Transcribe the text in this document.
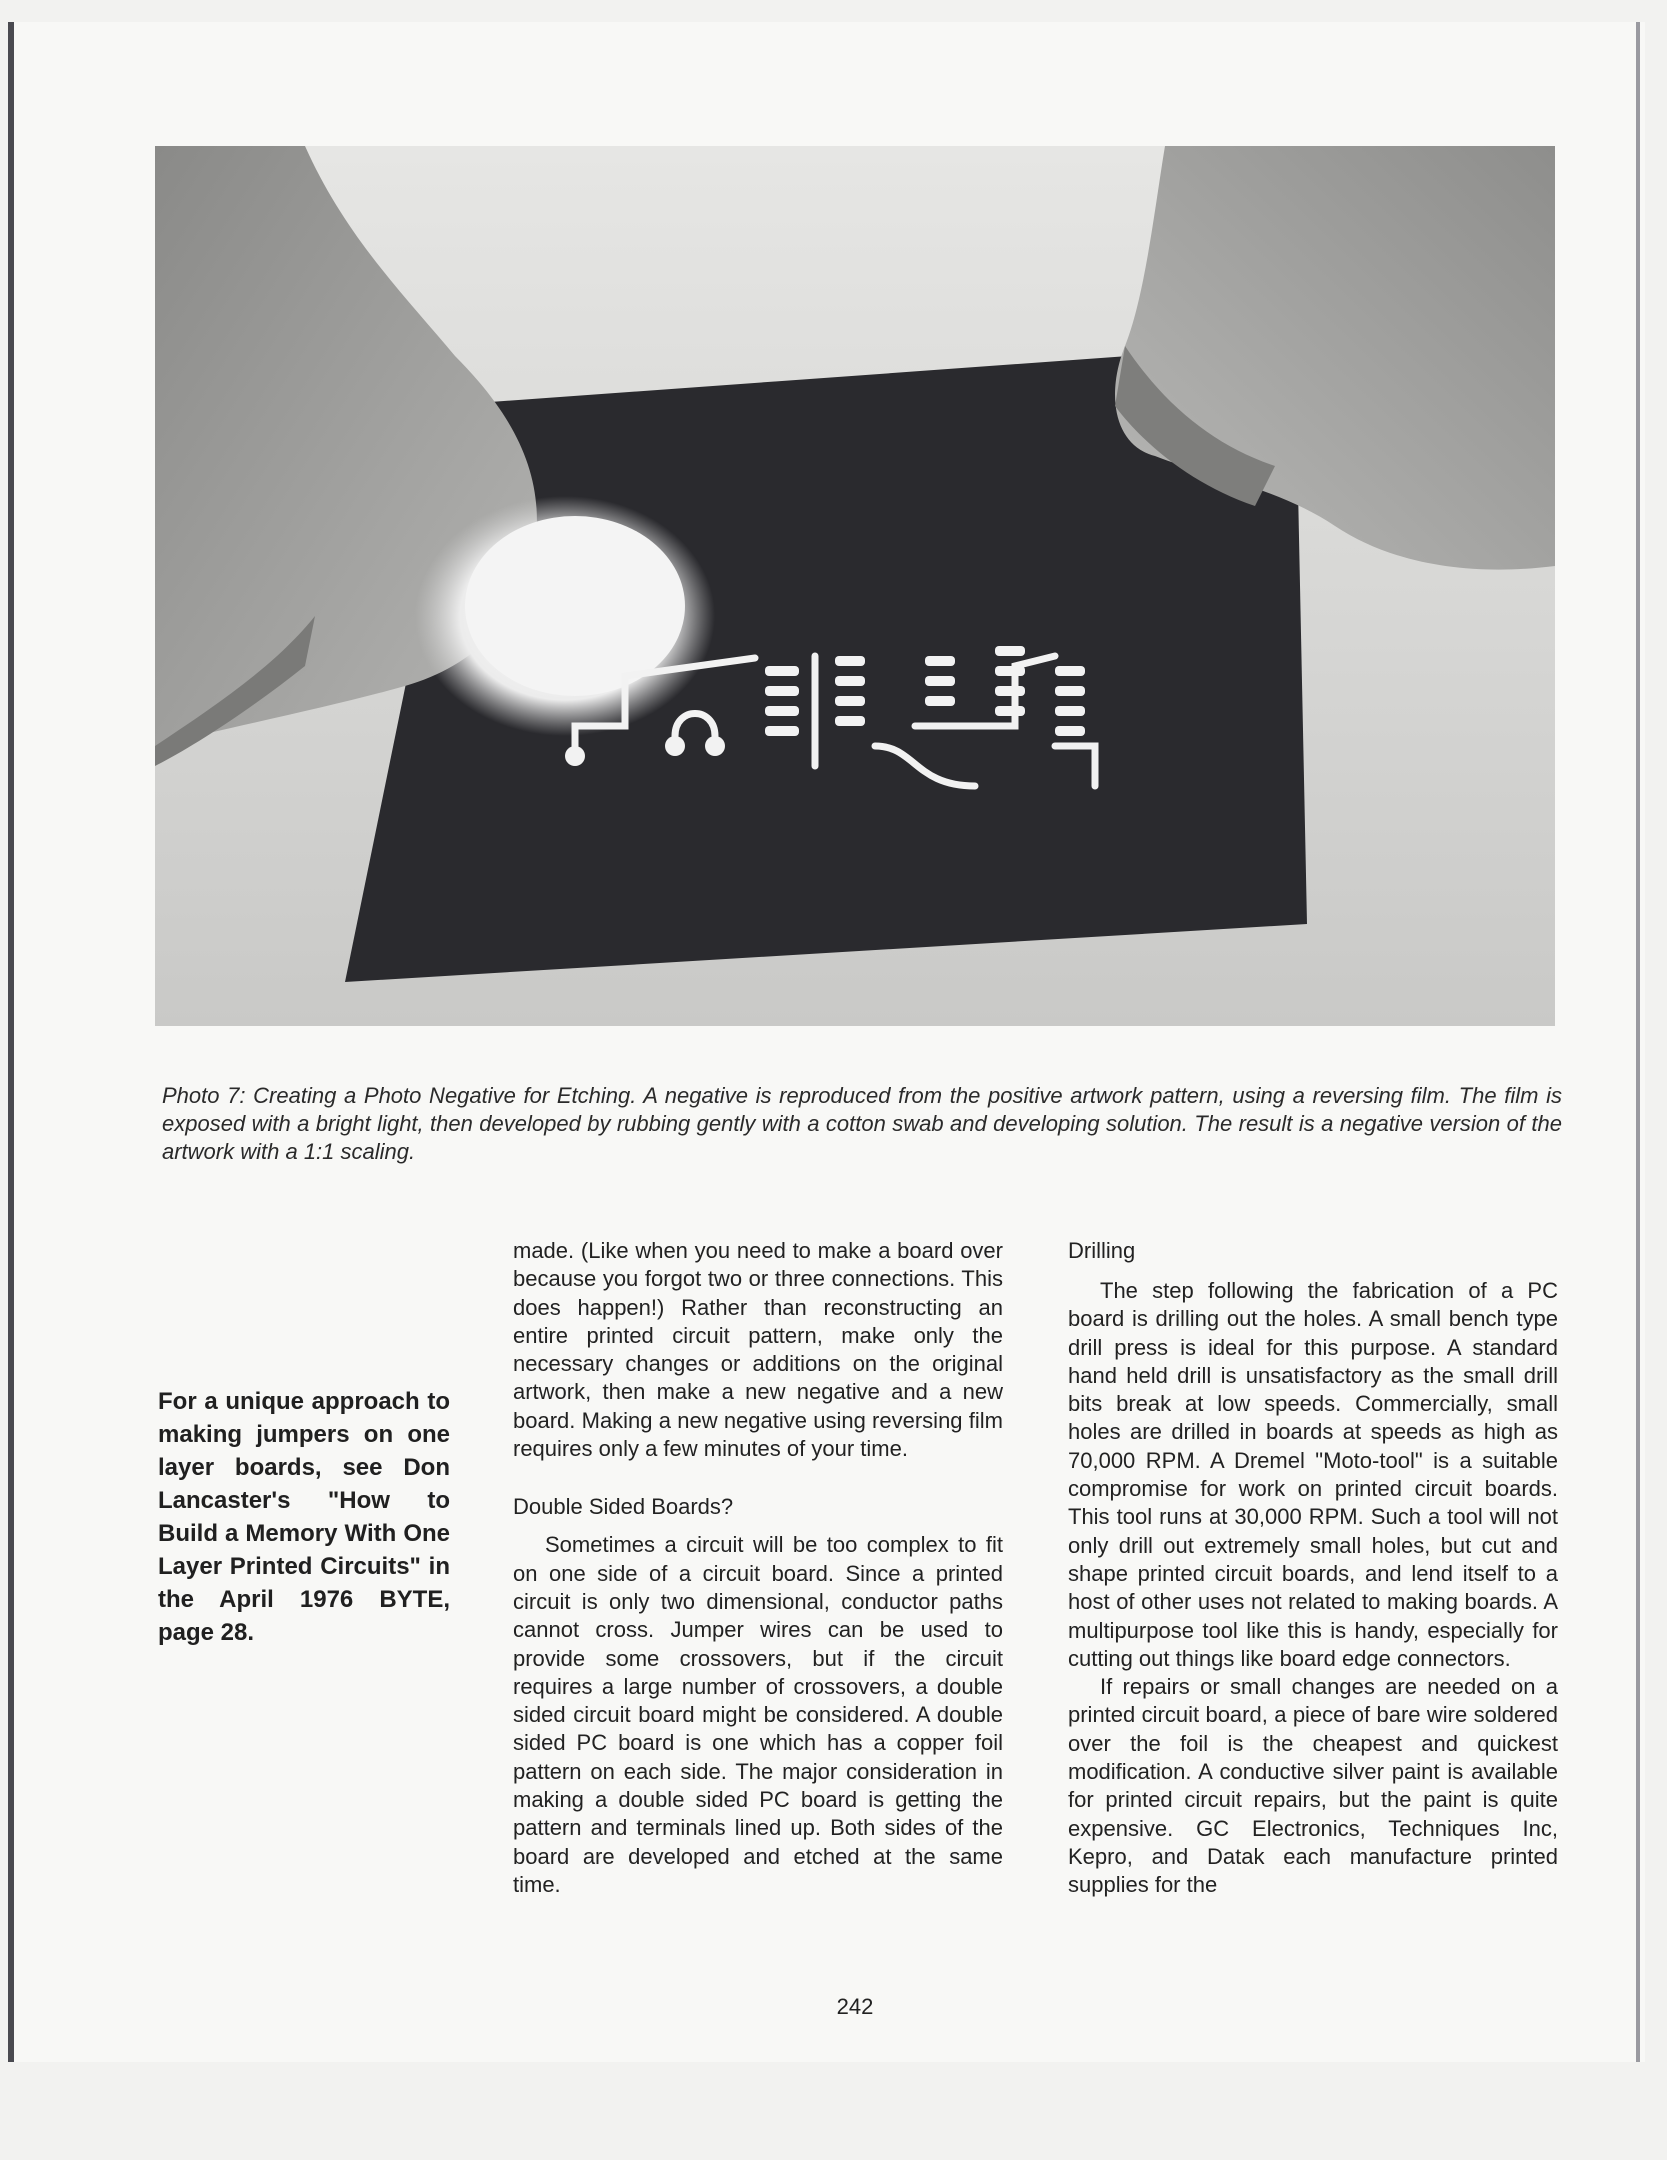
Photo 7: Creating a Photo Negative for Etching. A negative is reproduced from the positive artwork pattern, using a reversing film. The film is exposed with a bright light, then developed by rubbing gently with a cotton swab and developing solution. The result is a negative version of the artwork with a 1:1 scaling.

For a unique approach to making jumpers on one layer boards, see Don Lancaster's "How to Build a Memory With One Layer Printed Circuits" in the April 1976 BYTE, page 28.

made. (Like when you need to make a board over because you forgot two or three connections. This does happen!) Rather than reconstructing an entire printed circuit pattern, make only the necessary changes or additions on the original artwork, then make a new negative and a new board. Making a new negative using reversing film requires only a few minutes of your time.

Double Sided Boards?

Sometimes a circuit will be too complex to fit on one side of a circuit board. Since a printed circuit is only two dimensional, conductor paths cannot cross. Jumper wires can be used to provide some crossovers, but if the circuit requires a large number of crossovers, a double sided circuit board might be considered. A double sided PC board is one which has a copper foil pattern on each side. The major consideration in making a double sided PC board is getting the pattern and terminals lined up. Both sides of the board are developed and etched at the same time.

Drilling

The step following the fabrication of a PC board is drilling out the holes. A small bench type drill press is ideal for this purpose. A standard hand held drill is unsatisfactory as the small drill bits break at low speeds. Commercially, small holes are drilled in boards at speeds as high as 70,000 RPM. A Dremel "Moto-tool" is a suitable compromise for work on printed circuit boards. This tool runs at 30,000 RPM. Such a tool will not only drill out extremely small holes, but cut and shape printed circuit boards, and lend itself to a host of other uses not related to making boards. A multipurpose tool like this is handy, especially for cutting out things like board edge connectors.

If repairs or small changes are needed on a printed circuit board, a piece of bare wire soldered over the foil is the cheapest and quickest modification. A conductive silver paint is available for printed circuit repairs, but the paint is quite expensive. GC Electronics, Techniques Inc, Kepro, and Datak each manufacture printed supplies for the

242
